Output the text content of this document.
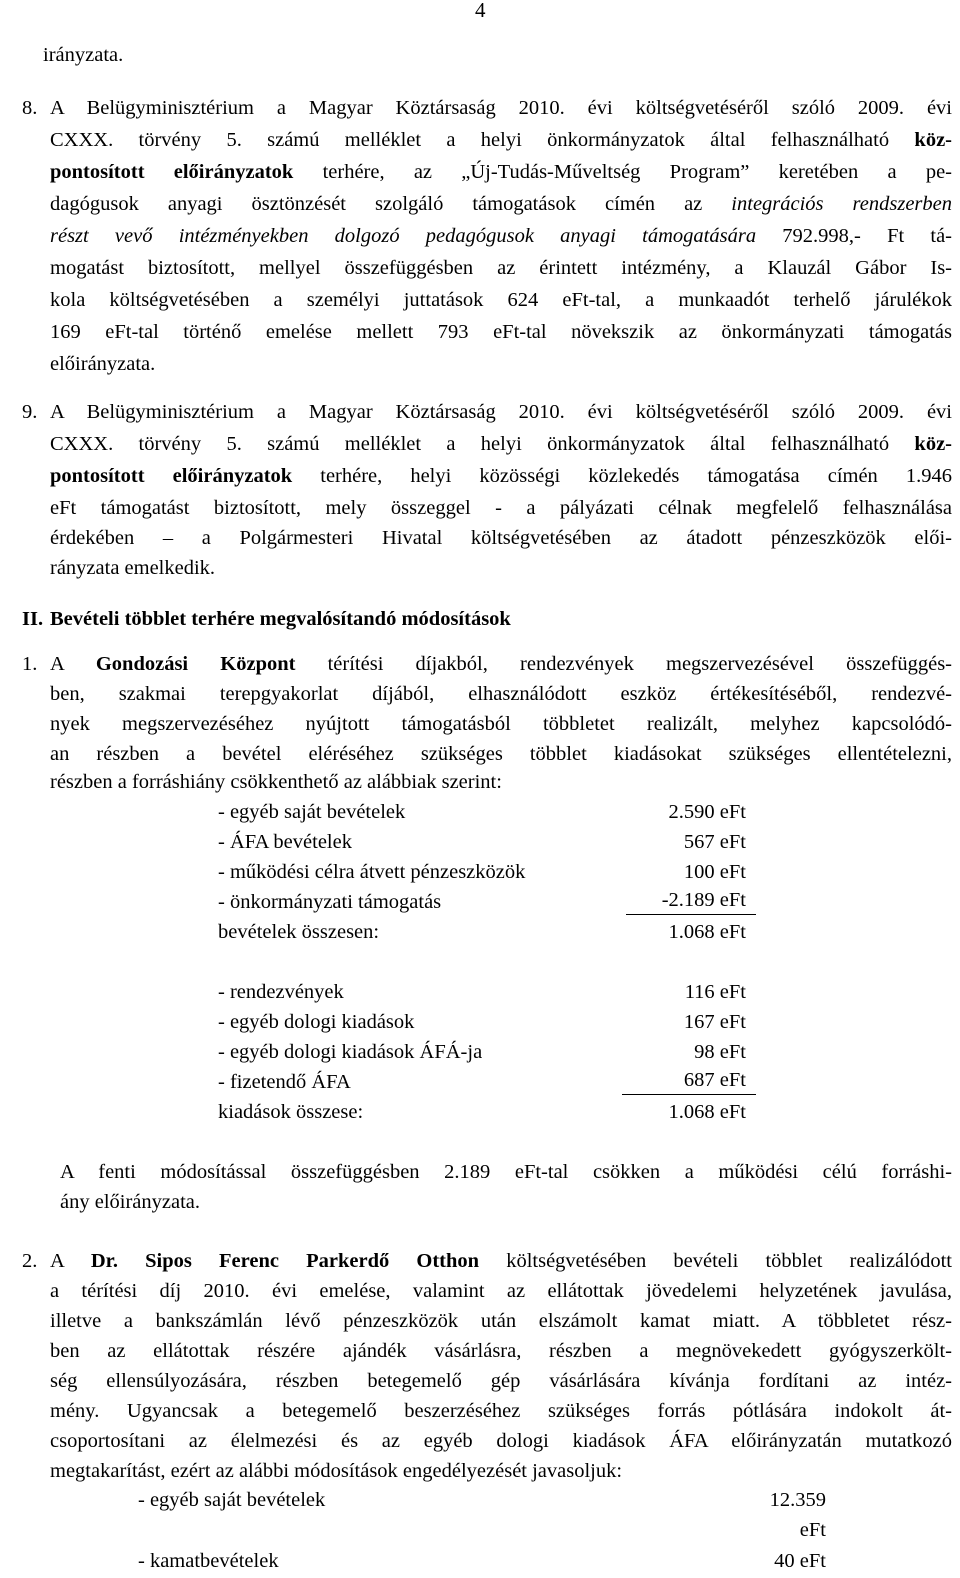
4
irányzata.
8. A Belügyminisztérium a Magyar Köztársaság 2010. évi költségvetéséről szóló 2009. évi
CXXX. törvény 5. számú melléklet a helyi önkormányzatok által felhasználható köz-
pontosított előirányzatok terhére, az „Új-Tudás-Műveltség Program” keretében a pe-
dagógusok anyagi ösztönzését szolgáló támogatások címén az integrációs rendszerben
részt vevő intézményekben dolgozó pedagógusok anyagi támogatására 792.998,- Ft tá-
mogatást biztosított, mellyel összefüggésben az érintett intézmény, a Klauzál Gábor Is-
kola költségvetésében a személyi juttatások 624 eFt-tal, a munkaadót terhelő járulékok
169 eFt-tal történő emelése mellett 793 eFt-tal növekszik az önkormányzati támogatás
előirányzata.
9. A Belügyminisztérium a Magyar Köztársaság 2010. évi költségvetéséről szóló 2009. évi
CXXX. törvény 5. számú melléklet a helyi önkormányzatok által felhasználható köz-
pontosított előirányzatok terhére, helyi közösségi közlekedés támogatása címén 1.946
eFt támogatást biztosított, mely összeggel - a pályázati célnak megfelelő felhasználása
érdekében – a Polgármesteri Hivatal költségvetésében az átadott pénzeszközök elői-
rányzata emelkedik.
II. Bevételi többlet terhére megvalósítandó módosítások
1. A Gondozási Központ térítési díjakból, rendezvények megszervezésével összefüggés-
ben, szakmai terepgyakorlat díjából, elhasználódott eszköz értékesítéséből, rendezvé-
nyek megszervezéséhez nyújtott támogatásból többletet realizált, melyhez kapcsolódó-
an részben a bevétel eléréséhez szükséges többlet kiadásokat szükséges ellentételezni,
részben a forráshiány csökkenthető az alábbiak szerint:
- egyéb saját bevételek	2.590 eFt
- ÁFA bevételek	567 eFt
- működési célra átvett pénzeszközök	100 eFt
- önkormányzati támogatás	-2.189 eFt
bevételek összesen:	1.068 eFt
- rendezvények	116 eFt
- egyéb dologi kiadások	167 eFt
- egyéb dologi kiadások ÁFÁ-ja	98 eFt
- fizetendő ÁFA	687 eFt
kiadások összese:	1.068 eFt
A fenti módosítással összefüggésben 2.189 eFt-tal csökken a működési célú forráshi-
ány előirányzata.
2. A Dr. Sipos Ferenc Parkerdő Otthon költségvetésében bevételi többlet realizálódott
a térítési díj 2010. évi emelése, valamint az ellátottak jövedelemi helyzetének javulása,
illetve a bankszámlán lévő pénzeszközök után elszámolt kamat miatt. A többletet rész-
ben az ellátottak részére ajándék vásárlásra, részben a megnövekedett gyógyszerkölt-
ség ellensúlyozására, részben betegemelő gép vásárlására kívánja fordítani az intéz-
mény. Ugyancsak a betegemelő beszerzéséhez szükséges forrás pótlására indokolt át-
csoportosítani az élelmezési és az egyéb dologi kiadások ÁFA előirányzatán mutatkozó
megtakarítást, ezért az alábbi módosítások engedélyezését javasoljuk:
- egyéb saját bevételek	12.359
eFt
- kamatbevételek	40 eFt
